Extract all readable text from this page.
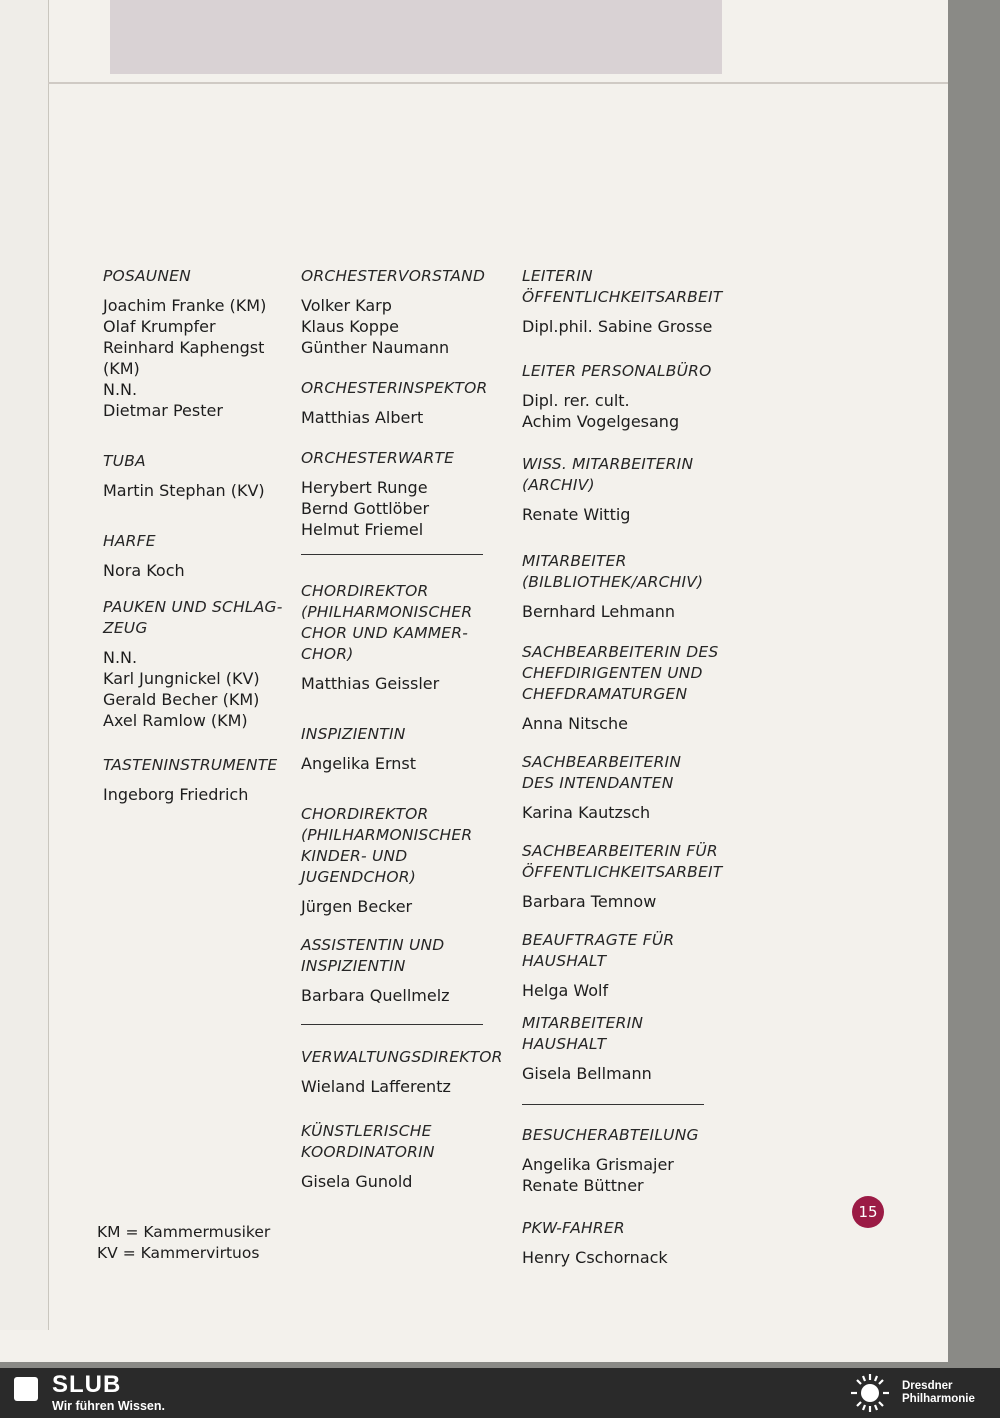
POSAUNEN
Joachim Franke (KM)
Olaf Krumpfer
Reinhard Kaphengst
(KM)
N.N.
Dietmar Pester
TUBA
Martin Stephan (KV)
HARFE
Nora Koch
PAUKEN UND SCHLAG-
ZEUG
N.N.
Karl Jungnickel (KV)
Gerald Becher (KM)
Axel Ramlow (KM)
TASTENINSTRUMENTE
Ingeborg Friedrich
ORCHESTERVORSTAND
Volker Karp
Klaus Koppe
Günther Naumann
ORCHESTERINSPEKTOR
Matthias Albert
ORCHESTERWARTE
Herybert Runge
Bernd Gottlöber
Helmut Friemel
CHORDIREKTOR
(PHILHARMONISCHER
CHOR UND KAMMER-
CHOR)
Matthias Geissler
INSPIZIENTIN
Angelika Ernst
CHORDIREKTOR
(PHILHARMONISCHER
KINDER- UND
JUGENDCHOR)
Jürgen Becker
ASSISTENTIN UND
INSPIZIENTIN
Barbara Quellmelz
VERWALTUNGSDIREKTOR
Wieland Lafferentz
KÜNSTLERISCHE
KOORDINATORIN
Gisela Gunold
LEITERIN
ÖFFENTLICHKEITSARBEIT
Dipl.phil. Sabine Grosse
LEITER PERSONALBÜRO
Dipl. rer. cult.
Achim Vogelgesang
WISS. MITARBEITERIN
(ARCHIV)
Renate Wittig
MITARBEITER
(BILBLIOTHEK/ARCHIV)
Bernhard Lehmann
SACHBEARBEITERIN DES
CHEFDIRIGENTEN UND
CHEFDRAMATURGEN
Anna Nitsche
SACHBEARBEITERIN
DES INTENDANTEN
Karina Kautzsch
SACHBEARBEITERIN FÜR
ÖFFENTLICHKEITSARBEIT
Barbara Temnow
BEAUFTRAGTE FÜR
HAUSHALT
Helga Wolf
MITARBEITERIN
HAUSHALT
Gisela Bellmann
BESUCHERABTEILUNG
Angelika Grismajer
Renate Büttner
PKW-FAHRER
Henry Cschornack
KM = Kammermusiker
KV = Kammervirtuos
15
SLUB
Wir führen Wissen.
Dresdner
Philharmonie
